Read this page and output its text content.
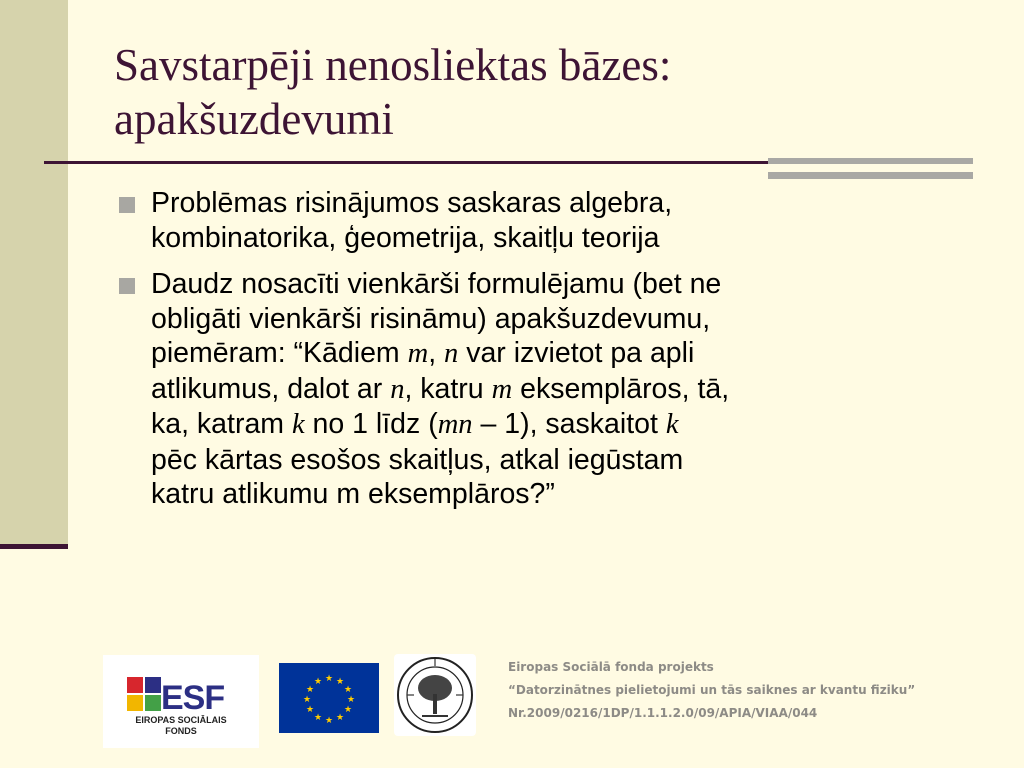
Savstarpēji nenosliektas bāzes:
apakšuzdevumi
Problēmas risinājumos saskaras algebra,
kombinatorika, ģeometrija, skaitļu teorija
Daudz nosacīti vienkārši formulējamu (bet ne
obligāti vienkārši risināmu) apakšuzdevumu,
piemēram: “Kādiem m, n var izvietot pa apli
atlikumus, dalot ar n, katru m eksemplāros, tā,
ka, katram k no 1 līdz (mn – 1), saskaitot k
pēc kārtas esošos skaitļus, atkal iegūstam
katru atlikumu m eksemplāros?”
ESF
EIROPAS SOCIĀLAIS
FONDS
★ ★
★
★
★
★
★
★
★
★
★
★
Eiropas Sociālā fonda projekts
“Datorzinātnes pielietojumi un tās saiknes ar kvantu fiziku”
Nr.2009/0216/1DP/1.1.1.2.0/09/APIA/VIAA/044
